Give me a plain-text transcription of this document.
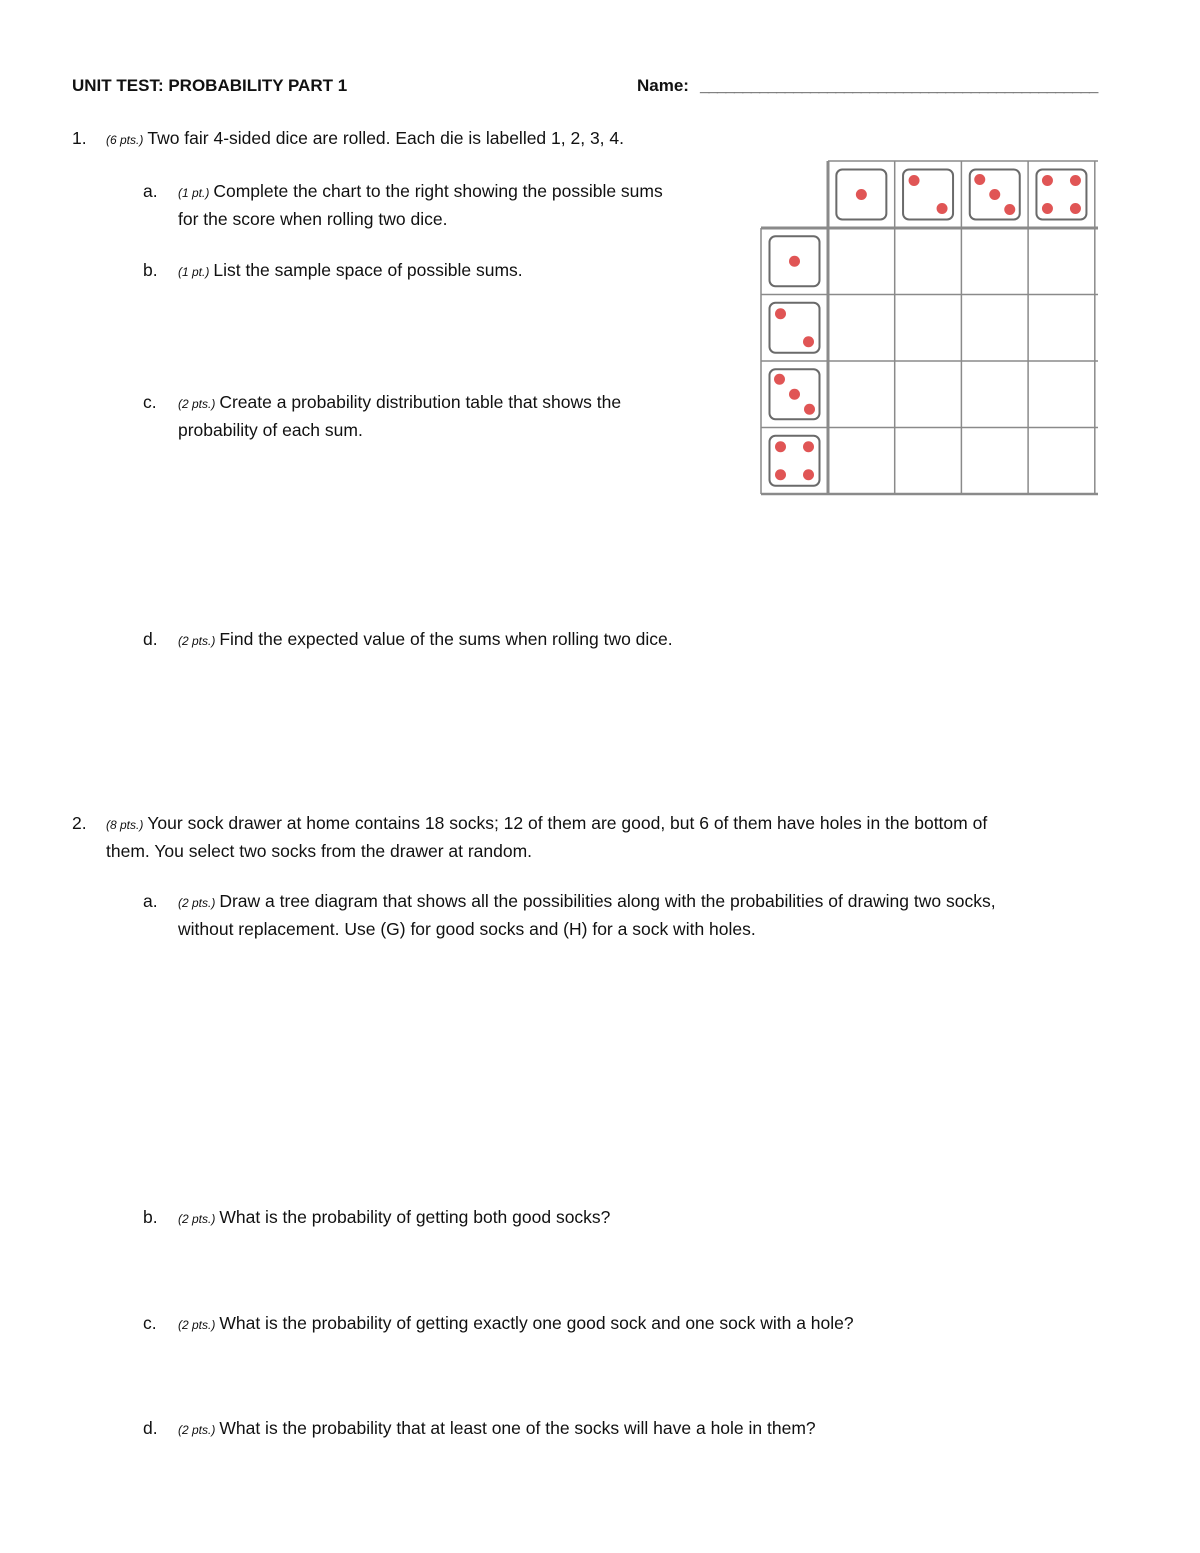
UNIT TEST: PROBABILITY PART 1	Name: _______________________________________________
1. (6 pts.) Two fair 4-sided dice are rolled. Each die is labelled 1, 2, 3, 4.
a. (1 pt.) Complete the chart to the right showing the possible sums
for the score when rolling two dice.
b. (1 pt.) List the sample space of possible sums.
c. (2 pts.) Create a probability distribution table that shows the
probability of each sum.
d. (2 pts.) Find the expected value of the sums when rolling two dice.
2. (8 pts.) Your sock drawer at home contains 18 socks; 12 of them are good, but 6 of them have holes in the bottom of
them. You select two socks from the drawer at random.
a. (2 pts.) Draw a tree diagram that shows all the possibilities along with the probabilities of drawing two socks,
without replacement. Use (G) for good socks and (H) for a sock with holes.
b. (2 pts.) What is the probability of getting both good socks?
c. (2 pts.) What is the probability of getting exactly one good sock and one sock with a hole?
d. (2 pts.) What is the probability that at least one of the socks will have a hole in them?
